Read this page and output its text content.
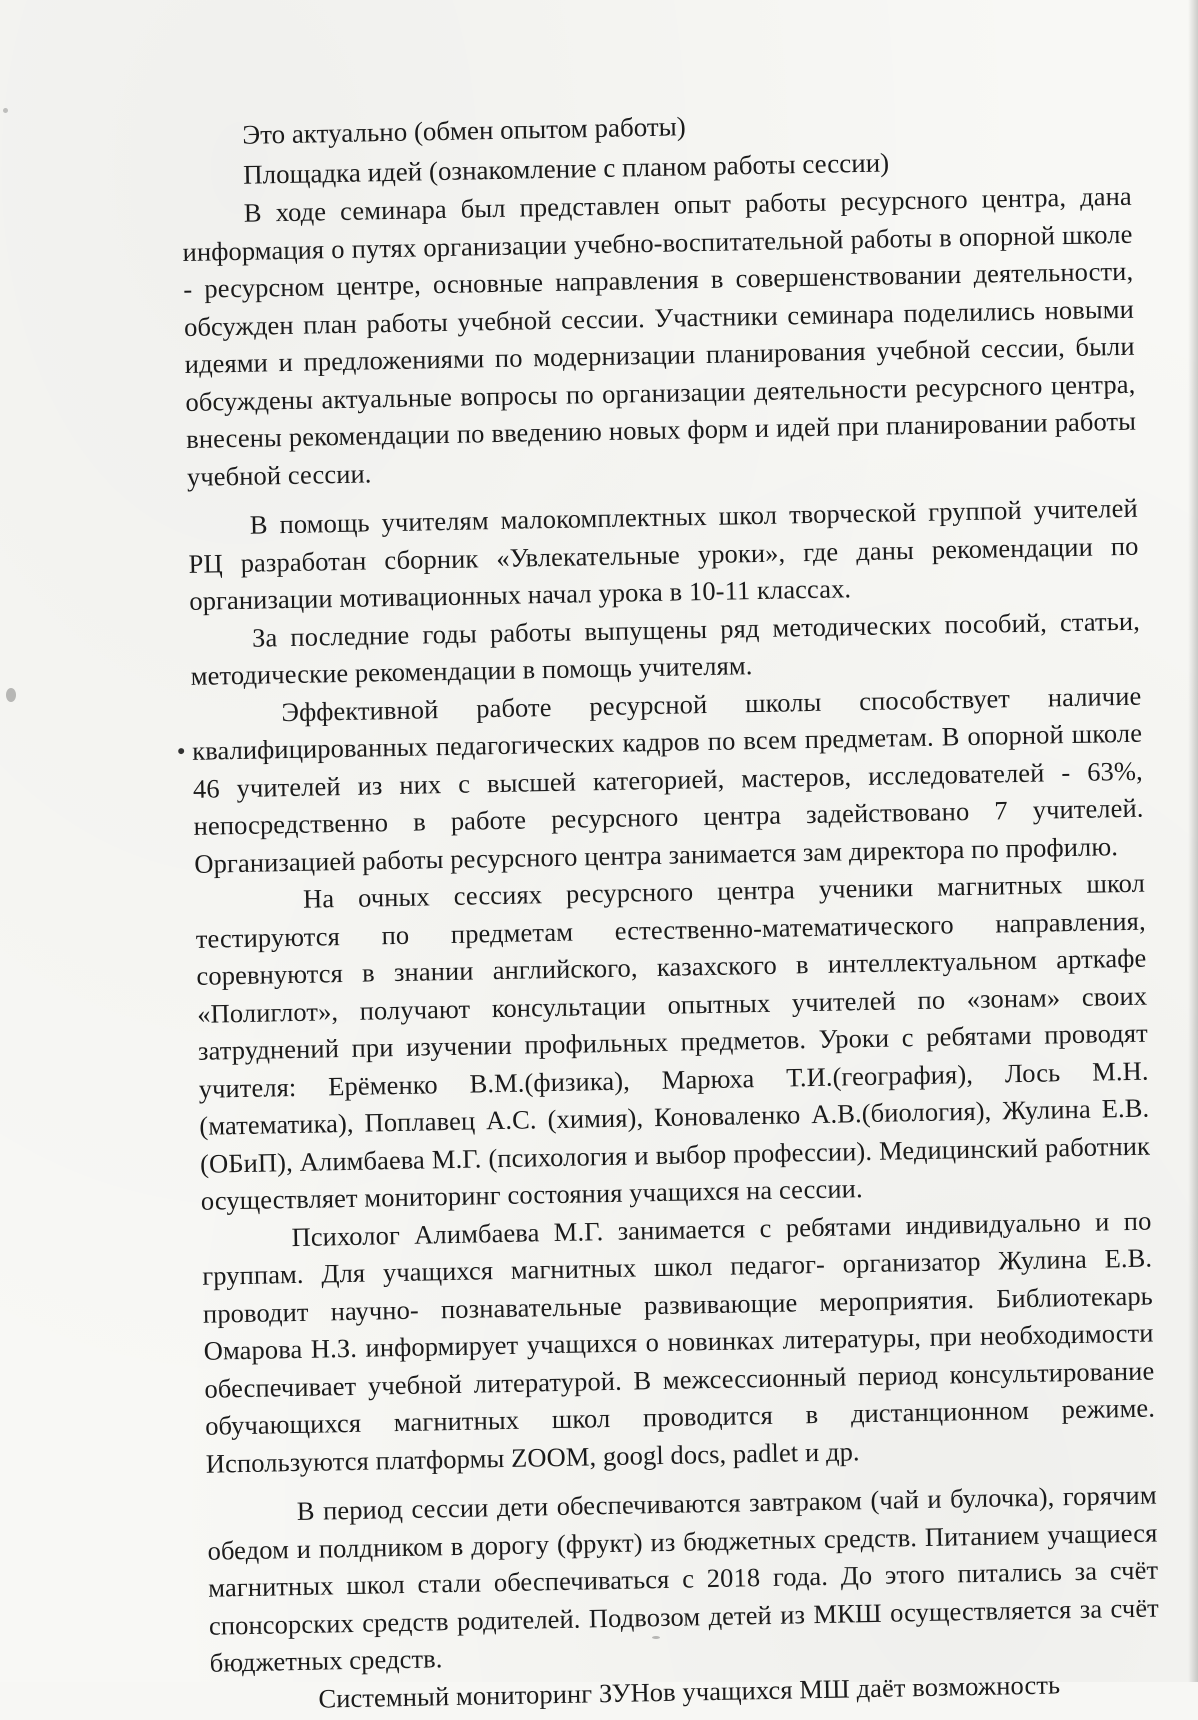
Это актуально (обмен опытом работы)
Площадка идей (ознакомление с планом работы сессии)

В ходе семинара был представлен опыт работы ресурсного центра, дана информация о путях организации учебно-воспитательной работы в опорной школе - ресурсном центре, основные направления в совершенствовании деятельности, обсужден план работы учебной сессии. Участники семинара поделились новыми идеями и предложениями по модернизации планирования учебной сессии, были обсуждены актуальные вопросы по организации деятельности ресурсного центра, внесены рекомендации по введению новых форм и идей при планировании работы учебной сессии.

В помощь учителям малокомплектных школ творческой группой учителей РЦ разработан сборник «Увлекательные уроки», где даны рекомендации по организации мотивационных начал урока в 10-11 классах.

За последние годы работы выпущены ряд методических пособий, статьи, методические рекомендации в помощь учителям.

Эффективной работе ресурсной школы способствует наличие квалифицированных педагогических кадров по всем предметам. В опорной школе 46 учителей из них с высшей категорией, мастеров, исследователей - 63%, непосредственно в работе ресурсного центра задействовано 7 учителей. Организацией работы ресурсного центра занимается зам директора по профилю.

На очных сессиях ресурсного центра ученики магнитных школ тестируются по предметам естественно-математического направления, соревнуются в знании английского, казахского в интеллектуальном арткафе «Полиглот», получают консультации опытных учителей по «зонам» своих затруднений при изучении профильных предметов. Уроки с ребятами проводят учителя: Ерёменко В.М.(физика), Марюха Т.И.(география), Лось М.Н. (математика), Поплавец А.С. (химия), Коноваленко А.В.(биология), Жулина Е.В. (ОБиП), Алимбаева М.Г. (психология и выбор профессии). Медицинский работник осуществляет мониторинг состояния учащихся на сессии.

Психолог Алимбаева М.Г. занимается с ребятами индивидуально и по группам. Для учащихся магнитных школ педагог- организатор Жулина Е.В. проводит научно- познавательные развивающие мероприятия. Библиотекарь Омарова Н.З. информирует учащихся о новинках литературы, при необходимости обеспечивает учебной литературой. В межсессионный период консультирование обучающихся магнитных школ проводится в дистанционном режиме. Используются платформы ZOOM, googl docs, padlet и др.

В период сессии дети обеспечиваются завтраком (чай и булочка), горячим обедом и полдником в дорогу (фрукт) из бюджетных средств. Питанием учащиеся магнитных школ стали обеспечиваться с 2018 года. До этого питались за счёт спонсорских средств родителей. Подвозом детей из МКШ осуществляется за счёт бюджетных средств.

Системный мониторинг ЗУНов учащихся МШ даёт возможность
